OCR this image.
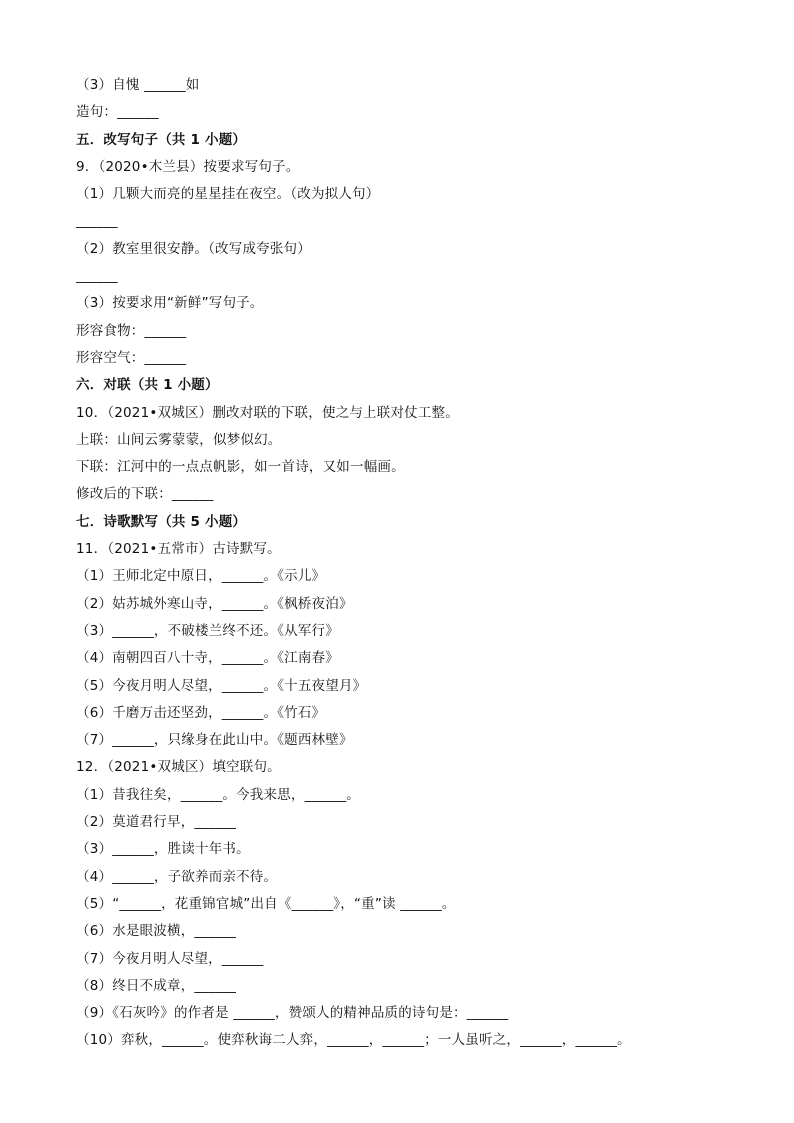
（3）自愧 ______如
造句：______
五．改写句子（共 1 小题）
9．（2020•木兰县）按要求写句子。
（1）几颗大而亮的星星挂在夜空。（改为拟人句）
______
（2）教室里很安静。（改写成夸张句）
______
（3）按要求用“新鲜”写句子。
形容食物：______
形容空气：______
六．对联（共 1 小题）
10．（2021•双城区）删改对联的下联，使之与上联对仗工整。
上联：山间云雾蒙蒙，似梦似幻。
下联：江河中的一点点帆影，如一首诗，又如一幅画。
修改后的下联：______
七．诗歌默写（共 5 小题）
11．（2021•五常市）古诗默写。
（1）王师北定中原日，______。《示儿》
（2）姑苏城外寒山寺，______。《枫桥夜泊》
（3）______，不破楼兰终不还。《从军行》
（4）南朝四百八十寺，______。《江南春》
（5）今夜月明人尽望，______。《十五夜望月》
（6）千磨万击还坚劲，______。《竹石》
（7）______，只缘身在此山中。《题西林壁》
12．（2021•双城区）填空联句。
（1）昔我往矣，______。今我来思，______。
（2）莫道君行早，______
（3）______，胜读十年书。
（4）______，子欲养而亲不待。
（5）“______，花重锦官城”出自《______》，“重”读 ______。
（6）水是眼波横，______
（7）今夜月明人尽望，______
（8）终日不成章，______
（9）《石灰吟》的作者是 ______，赞颂人的精神品质的诗句是：______
（10）弈秋，______。使弈秋诲二人弈，______，______；一人虽听之，______，______。
